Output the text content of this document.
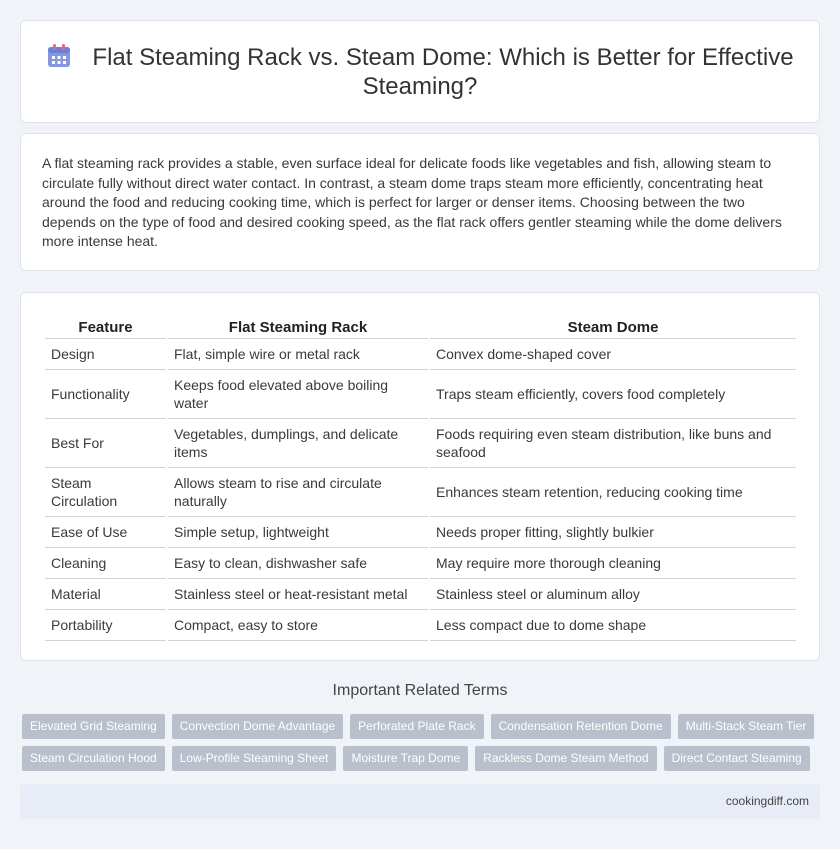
Flat Steaming Rack vs. Steam Dome: Which is Better for Effective Steaming?

A flat steaming rack provides a stable, even surface ideal for delicate foods like vegetables and fish, allowing steam to circulate fully without direct water contact. In contrast, a steam dome traps steam more efficiently, concentrating heat around the food and reducing cooking time, which is perfect for larger or denser items. Choosing between the two depends on the type of food and desired cooking speed, as the flat rack offers gentler steaming while the dome delivers more intense heat.

Feature	Flat Steaming Rack	Steam Dome
Design	Flat, simple wire or metal rack	Convex dome-shaped cover
Functionality	Keeps food elevated above boiling water	Traps steam efficiently, covers food completely
Best For	Vegetables, dumplings, and delicate items	Foods requiring even steam distribution, like buns and seafood
Steam Circulation	Allows steam to rise and circulate naturally	Enhances steam retention, reducing cooking time
Ease of Use	Simple setup, lightweight	Needs proper fitting, slightly bulkier
Cleaning	Easy to clean, dishwasher safe	May require more thorough cleaning
Material	Stainless steel or heat-resistant metal	Stainless steel or aluminum alloy
Portability	Compact, easy to store	Less compact due to dome shape
Important Related Terms
Elevated Grid Steaming	Convection Dome Advantage	Perforated Plate Rack	Condensation Retention Dome	Multi-Stack Steam Tier
Steam Circulation Hood	Low-Profile Steaming Sheet	Moisture Trap Dome	Rackless Dome Steam Method	Direct Contact Steaming
cookingdiff.com
